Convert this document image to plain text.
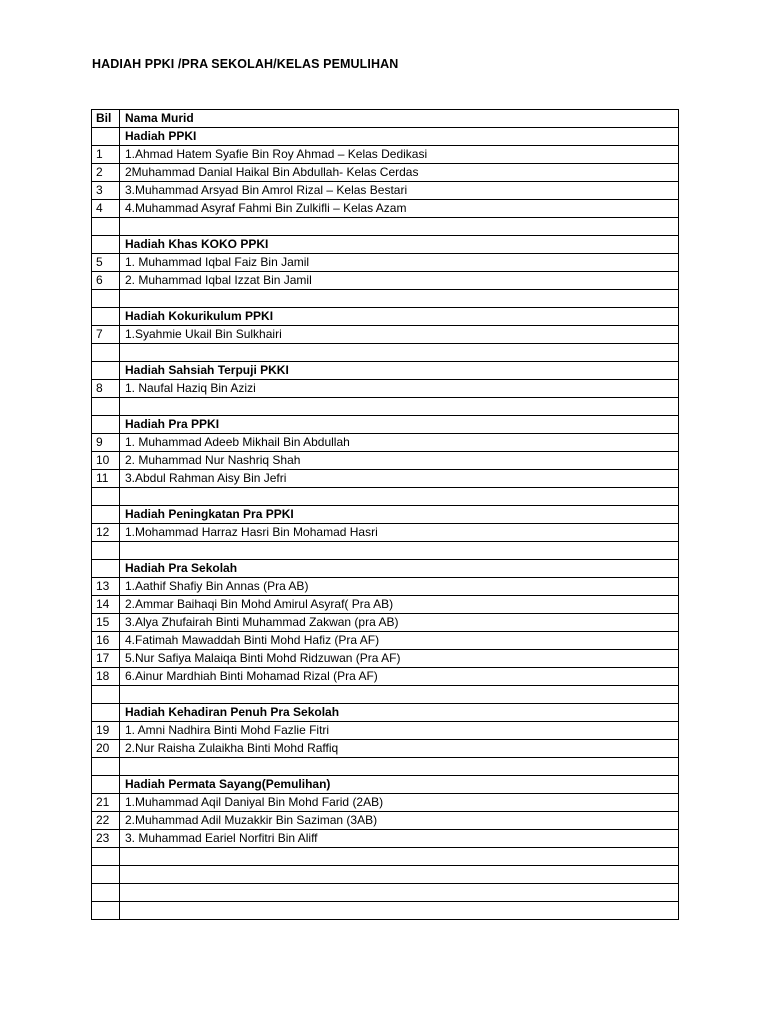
HADIAH PPKI /PRA SEKOLAH/KELAS PEMULIHAN
Bil	Nama Murid
	Hadiah PPKI
1	1.Ahmad Hatem Syafie Bin Roy Ahmad – Kelas Dedikasi
2	2Muhammad Danial Haikal Bin Abdullah- Kelas Cerdas
3	3.Muhammad Arsyad Bin Amrol Rizal – Kelas Bestari
4	4.Muhammad Asyraf Fahmi Bin Zulkifli – Kelas Azam

	Hadiah Khas KOKO PPKI
5	1. Muhammad Iqbal Faiz Bin Jamil
6	2. Muhammad Iqbal Izzat Bin Jamil

	Hadiah Kokurikulum PPKI
7	1.Syahmie Ukail Bin Sulkhairi

	Hadiah Sahsiah Terpuji PKKI
8	1. Naufal Haziq Bin Azizi

	Hadiah Pra PPKI
9	1. Muhammad Adeeb Mikhail Bin Abdullah
10	2. Muhammad Nur Nashriq Shah
11	3.Abdul Rahman Aisy Bin Jefri

	Hadiah Peningkatan Pra PPKI
12	1.Mohammad Harraz Hasri Bin Mohamad Hasri

	Hadiah Pra Sekolah
13	1.Aathif Shafiy Bin Annas (Pra AB)
14	2.Ammar Baihaqi Bin Mohd Amirul Asyraf( Pra AB)
15	3.Alya Zhufairah Binti Muhammad Zakwan (pra AB)
16	4.Fatimah Mawaddah Binti Mohd Hafiz (Pra AF)
17	5.Nur Safiya Malaiqa Binti Mohd Ridzuwan (Pra AF)
18	6.Ainur Mardhiah Binti Mohamad Rizal (Pra AF)

	Hadiah Kehadiran Penuh Pra Sekolah
19	1. Amni Nadhira Binti Mohd Fazlie Fitri
20	2.Nur Raisha Zulaikha Binti Mohd Raffiq

	Hadiah Permata Sayang(Pemulihan)
21	1.Muhammad Aqil Daniyal Bin Mohd Farid (2AB)
22	2.Muhammad Adil Muzakkir Bin Saziman (3AB)
23	3. Muhammad Eariel Norfitri Bin Aliff
